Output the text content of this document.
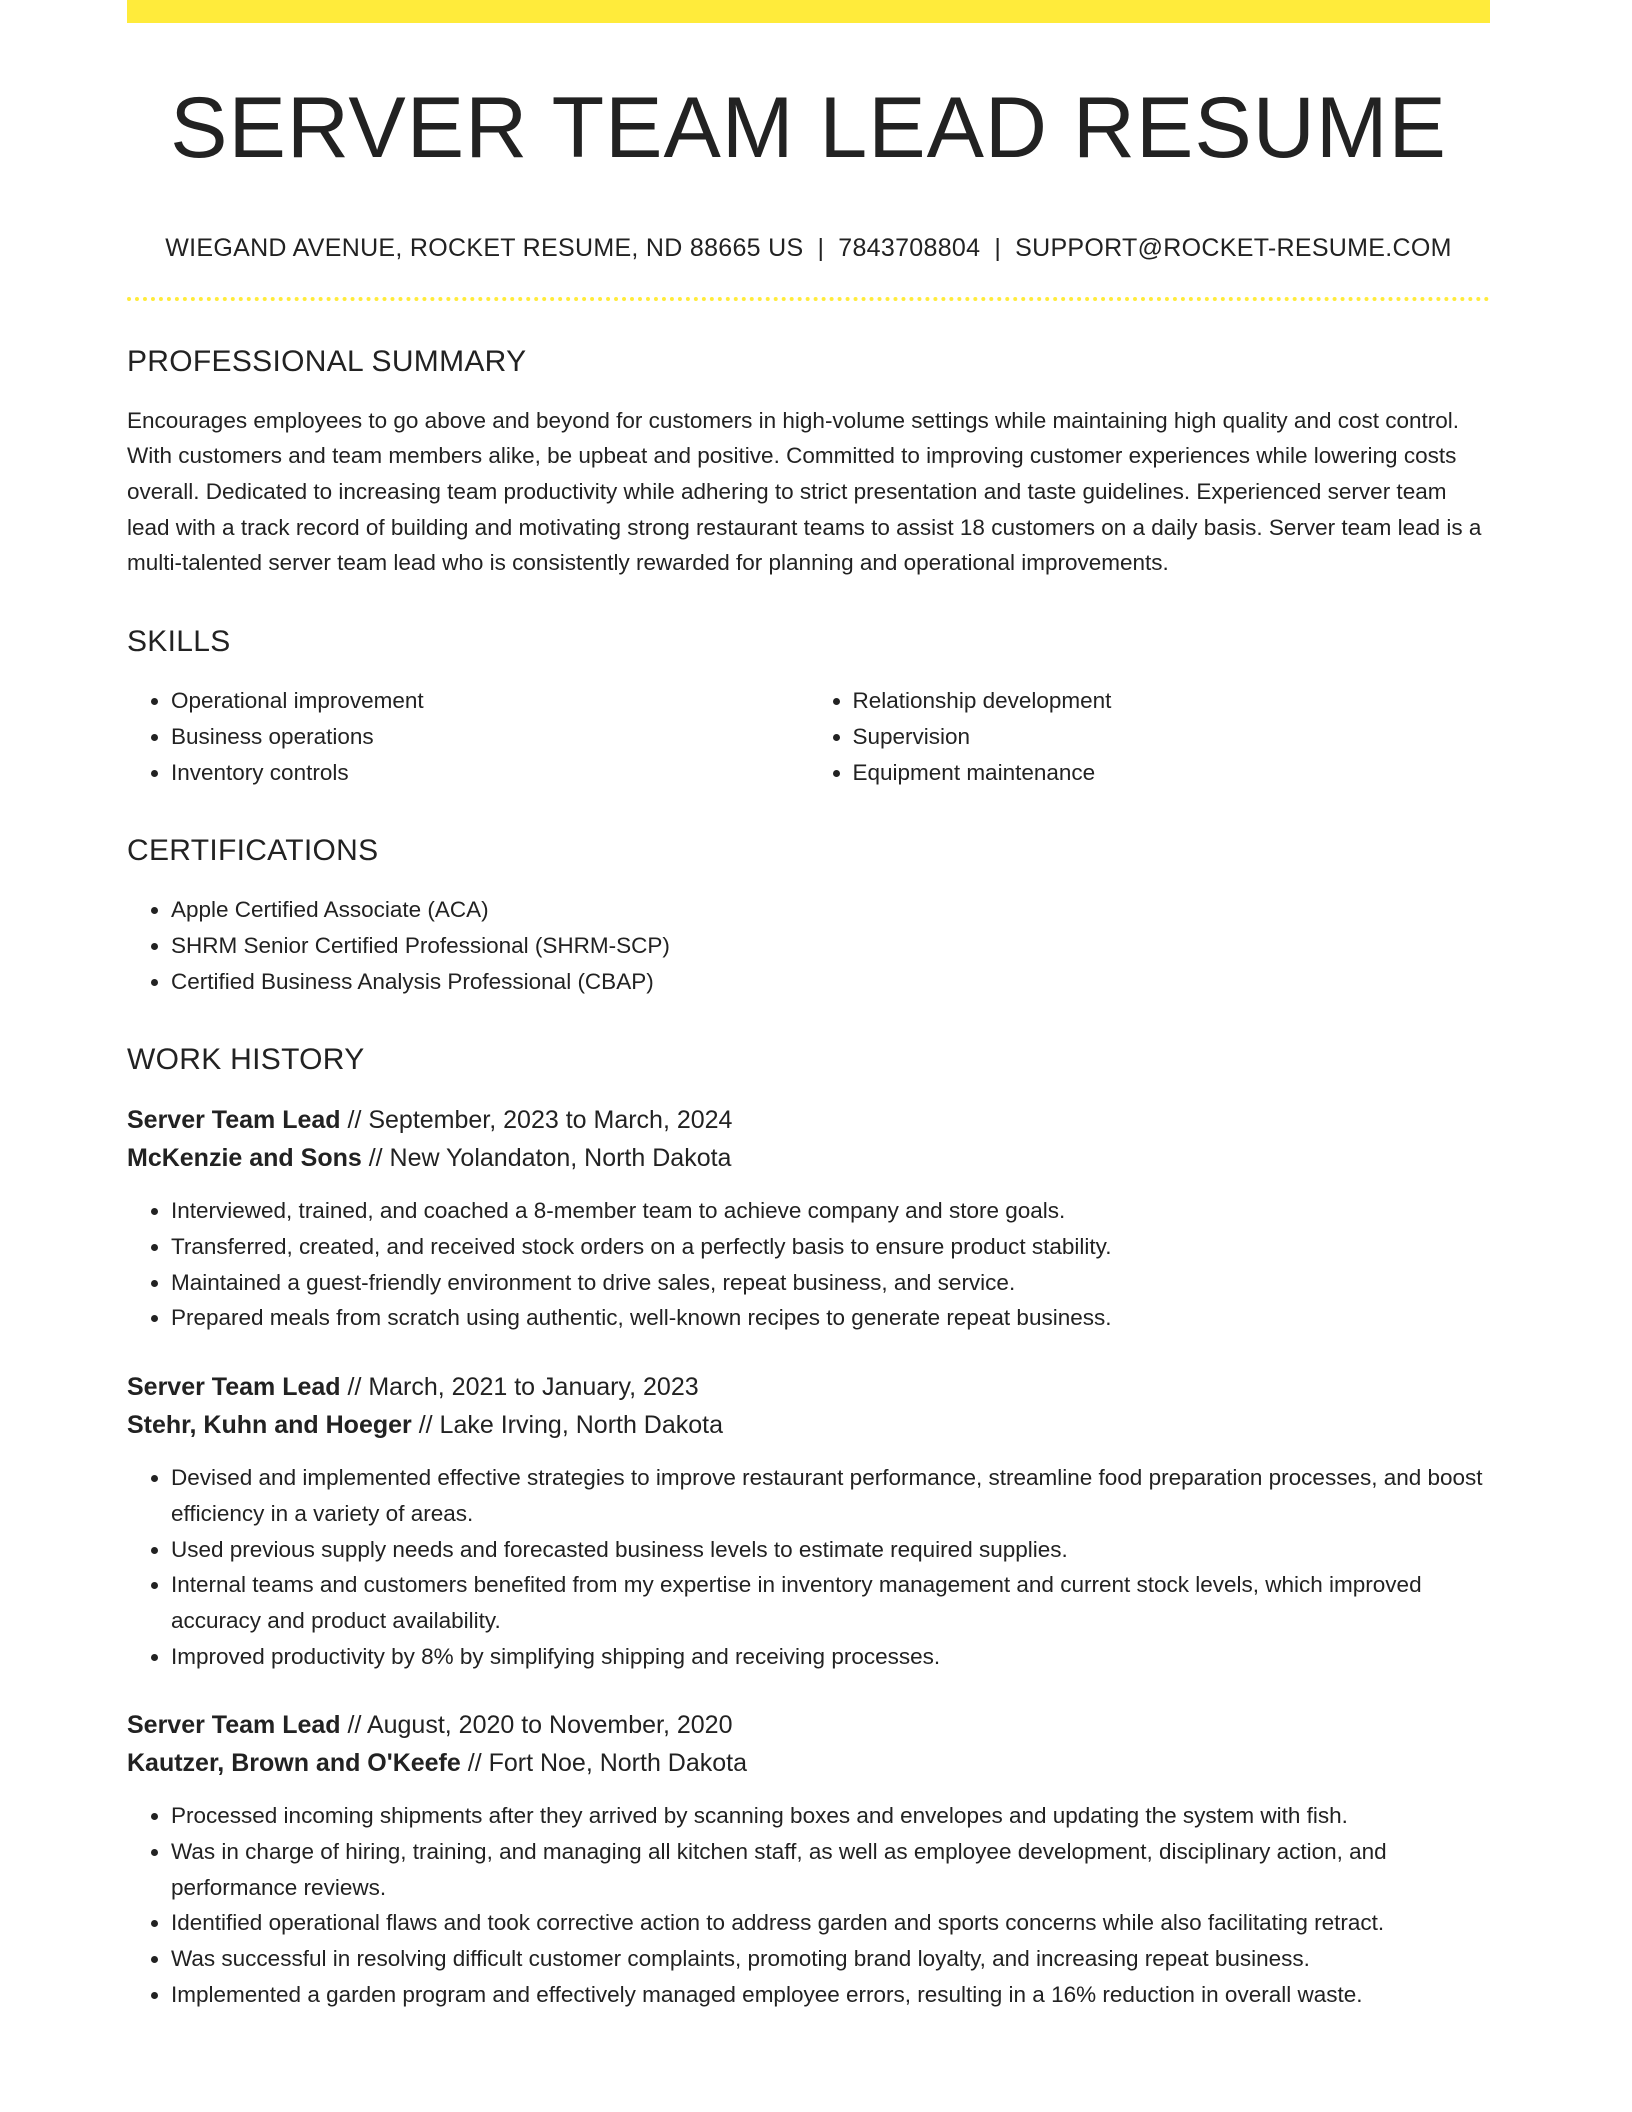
SERVER TEAM LEAD RESUME
WIEGAND AVENUE, ROCKET RESUME, ND 88665 US | 7843708804 | SUPPORT@ROCKET-RESUME.COM
PROFESSIONAL SUMMARY
Encourages employees to go above and beyond for customers in high-volume settings while maintaining high quality and cost control. With customers and team members alike, be upbeat and positive. Committed to improving customer experiences while lowering costs overall. Dedicated to increasing team productivity while adhering to strict presentation and taste guidelines. Experienced server team lead with a track record of building and motivating strong restaurant teams to assist 18 customers on a daily basis. Server team lead is a multi-talented server team lead who is consistently rewarded for planning and operational improvements.
SKILLS
• Operational improvement
• Business operations
• Inventory controls
• Relationship development
• Supervision
• Equipment maintenance
CERTIFICATIONS
• Apple Certified Associate (ACA)
• SHRM Senior Certified Professional (SHRM-SCP)
• Certified Business Analysis Professional (CBAP)
WORK HISTORY
Server Team Lead // September, 2023 to March, 2024
McKenzie and Sons // New Yolandaton, North Dakota
• Interviewed, trained, and coached a 8-member team to achieve company and store goals.
• Transferred, created, and received stock orders on a perfectly basis to ensure product stability.
• Maintained a guest-friendly environment to drive sales, repeat business, and service.
• Prepared meals from scratch using authentic, well-known recipes to generate repeat business.
Server Team Lead // March, 2021 to January, 2023
Stehr, Kuhn and Hoeger // Lake Irving, North Dakota
• Devised and implemented effective strategies to improve restaurant performance, streamline food preparation processes, and boost efficiency in a variety of areas.
• Used previous supply needs and forecasted business levels to estimate required supplies.
• Internal teams and customers benefited from my expertise in inventory management and current stock levels, which improved accuracy and product availability.
• Improved productivity by 8% by simplifying shipping and receiving processes.
Server Team Lead // August, 2020 to November, 2020
Kautzer, Brown and O'Keefe // Fort Noe, North Dakota
• Processed incoming shipments after they arrived by scanning boxes and envelopes and updating the system with fish.
• Was in charge of hiring, training, and managing all kitchen staff, as well as employee development, disciplinary action, and performance reviews.
• Identified operational flaws and took corrective action to address garden and sports concerns while also facilitating retract.
• Was successful in resolving difficult customer complaints, promoting brand loyalty, and increasing repeat business.
• Implemented a garden program and effectively managed employee errors, resulting in a 16% reduction in overall waste.
